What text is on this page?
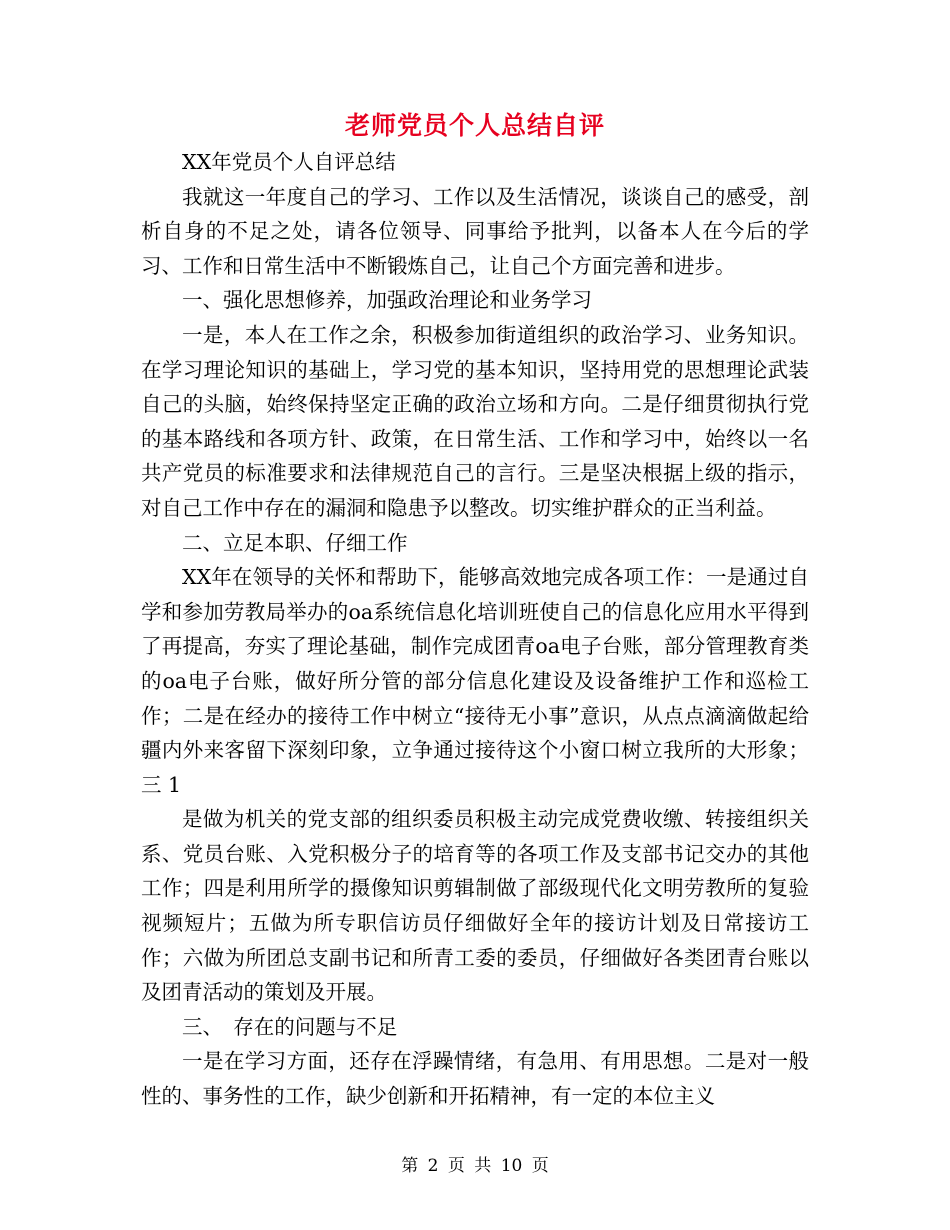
老师党员个人总结自评

XX年党员个人自评总结

我就这一年度自己的学习、工作以及生活情况，谈谈自己的感受，剖析自身的不足之处，请各位领导、同事给予批判，以备本人在今后的学习、工作和日常生活中不断锻炼自己，让自己个方面完善和进步。

一、强化思想修养，加强政治理论和业务学习

一是，本人在工作之余，积极参加街道组织的政治学习、业务知识。在学习理论知识的基础上，学习党的基本知识，坚持用党的思想理论武装自己的头脑，始终保持坚定正确的政治立场和方向。二是仔细贯彻执行党的基本路线和各项方针、政策，在日常生活、工作和学习中，始终以一名共产党员的标准要求和法律规范自己的言行。三是坚决根据上级的指示，对自己工作中存在的漏洞和隐患予以整改。切实维护群众的正当利益。

二、立足本职、仔细工作

XX年在领导的关怀和帮助下，能够高效地完成各项工作：一是通过自学和参加劳教局举办的oa系统信息化培训班使自己的信息化应用水平得到了再提高，夯实了理论基础，制作完成团青oa电子台账，部分管理教育类的oa电子台账，做好所分管的部分信息化建设及设备维护工作和巡检工作；二是在经办的接待工作中树立“接待无小事”意识，从点点滴滴做起给疆内外来客留下深刻印象，立争通过接待这个小窗口树立我所的大形象；三 1

是做为机关的党支部的组织委员积极主动完成党费收缴、转接组织关系、党员台账、入党积极分子的培育等的各项工作及支部书记交办的其他工作；四是利用所学的摄像知识剪辑制做了部级现代化文明劳教所的复验视频短片；五做为所专职信访员仔细做好全年的接访计划及日常接访工作；六做为所团总支副书记和所青工委的委员，仔细做好各类团青台账以及团青活动的策划及开展。

三、　存在的问题与不足

一是在学习方面，还存在浮躁情绪，有急用、有用思想。二是对一般性的、事务性的工作，缺少创新和开拓精神，有一定的本位主义

第 2 页 共 10 页
